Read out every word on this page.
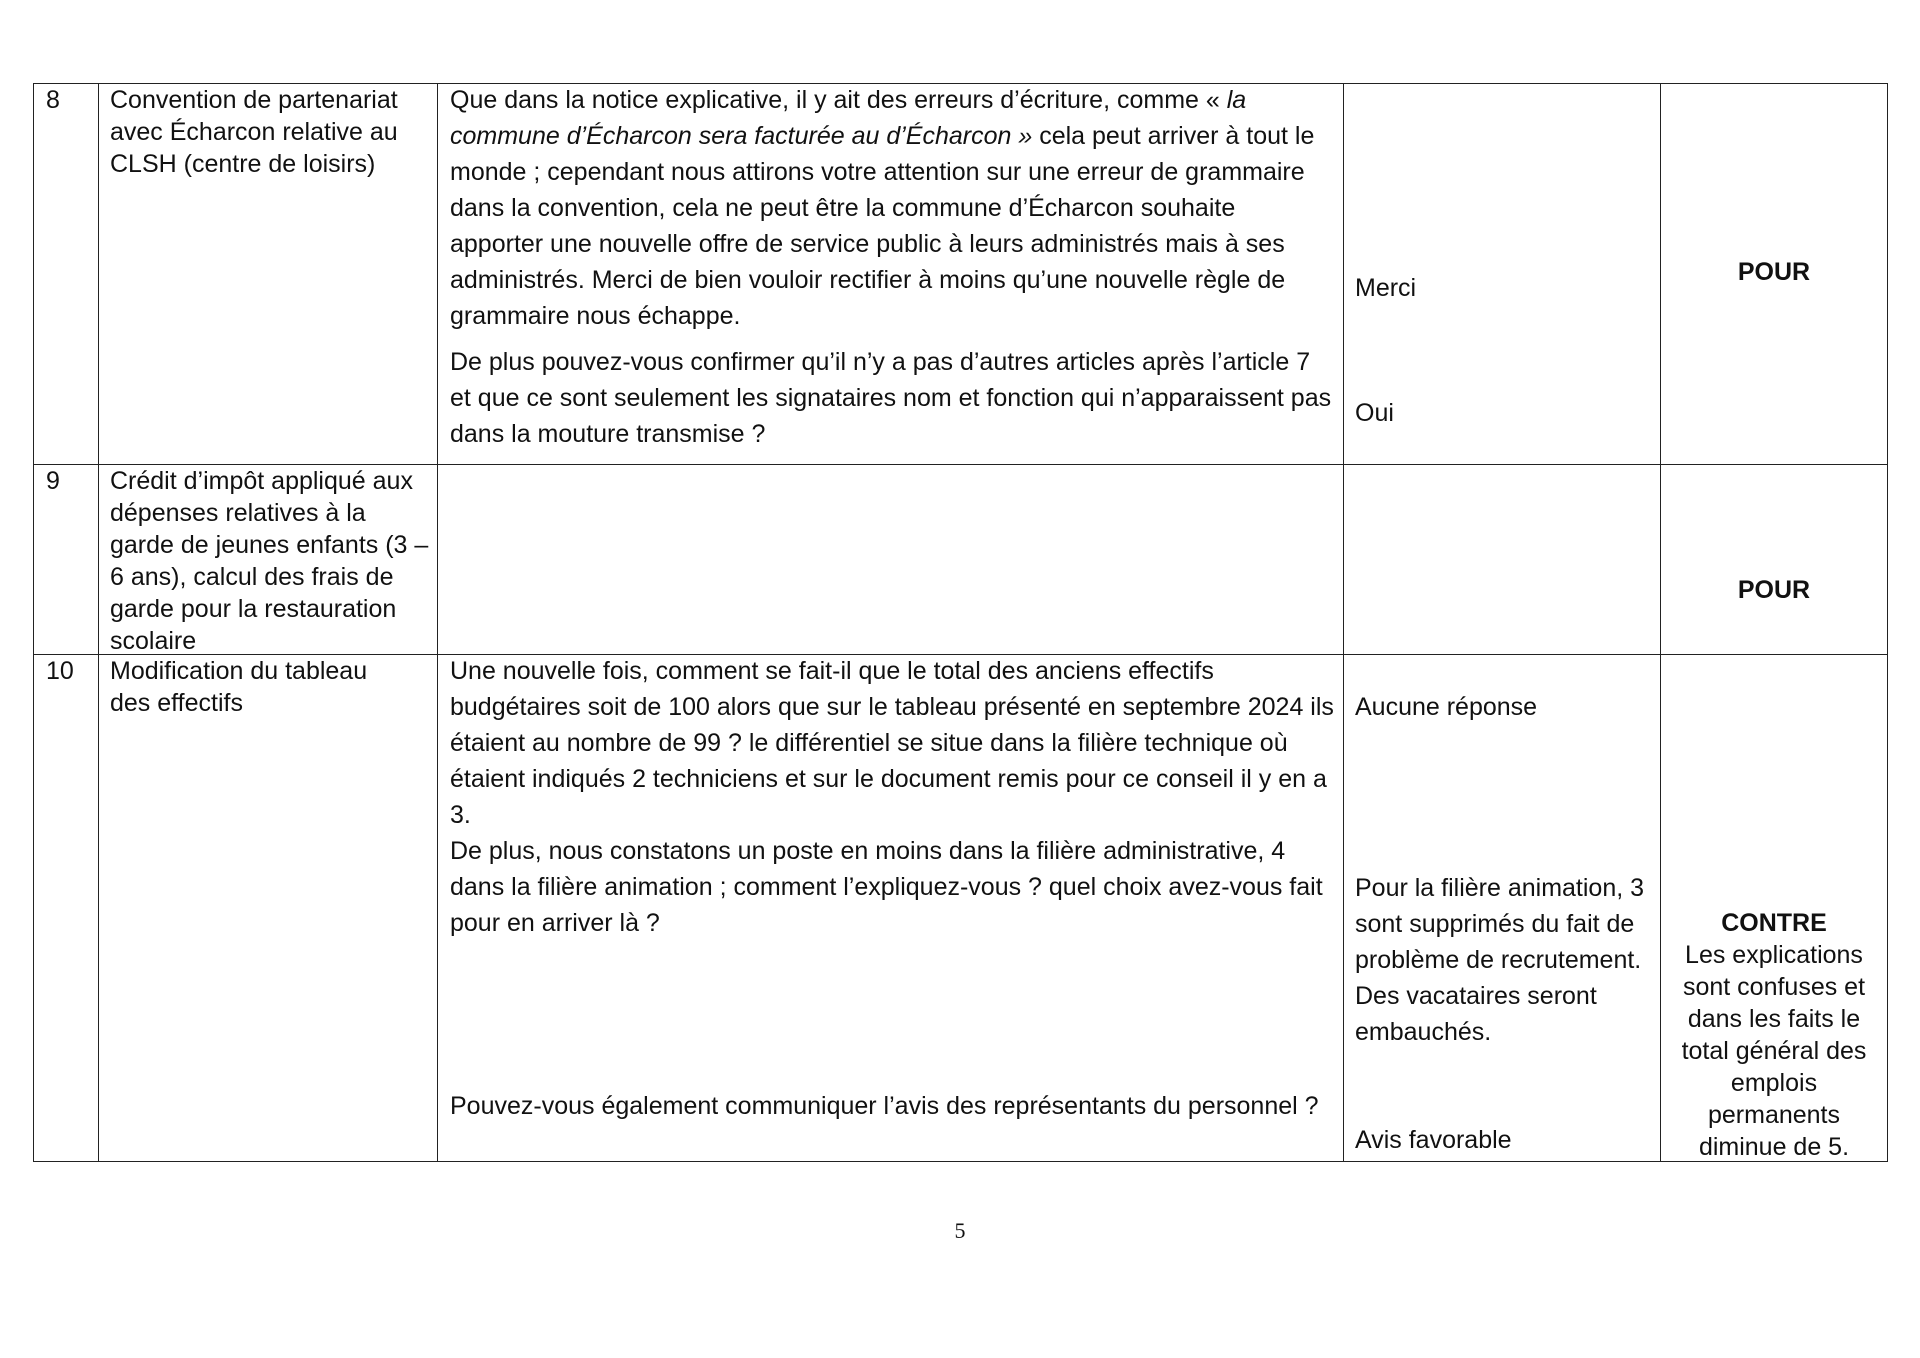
8 Convention de partenariat avec Écharcon relative au CLSH (centre de loisirs)
Que dans la notice explicative, il y ait des erreurs d’écriture, comme « la commune d’Écharcon sera facturée au d’Écharcon » cela peut arriver à tout le monde ; cependant nous attirons votre attention sur une erreur de grammaire dans la convention, cela ne peut être la commune d’Écharcon souhaite apporter une nouvelle offre de service public à leurs administrés mais à ses administrés. Merci de bien vouloir rectifier à moins qu’une nouvelle règle de grammaire nous échappe.
De plus pouvez-vous confirmer qu’il n’y a pas d’autres articles après l’article 7 et que ce sont seulement les signataires nom et fonction qui n’apparaissent pas dans la mouture transmise ?
Merci
Oui
POUR
9 Crédit d’impôt appliqué aux dépenses relatives à la garde de jeunes enfants (3 – 6 ans), calcul des frais de garde pour la restauration scolaire
POUR
10 Modification du tableau des effectifs
Une nouvelle fois, comment se fait-il que le total des anciens effectifs budgétaires soit de 100 alors que sur le tableau présenté en septembre 2024 ils étaient au nombre de 99 ? le différentiel se situe dans la filière technique où étaient indiqués 2 techniciens et sur le document remis pour ce conseil il y en a 3.
De plus, nous constatons un poste en moins dans la filière administrative, 4 dans la filière animation ; comment l’expliquez-vous ? quel choix avez-vous fait pour en arriver là ?
Pouvez-vous également communiquer l’avis des représentants du personnel ?
Aucune réponse
Pour la filière animation, 3 sont supprimés du fait de problème de recrutement. Des vacataires seront embauchés.
Avis favorable
CONTRE
Les explications sont confuses et dans les faits le total général des emplois permanents diminue de 5.
5
